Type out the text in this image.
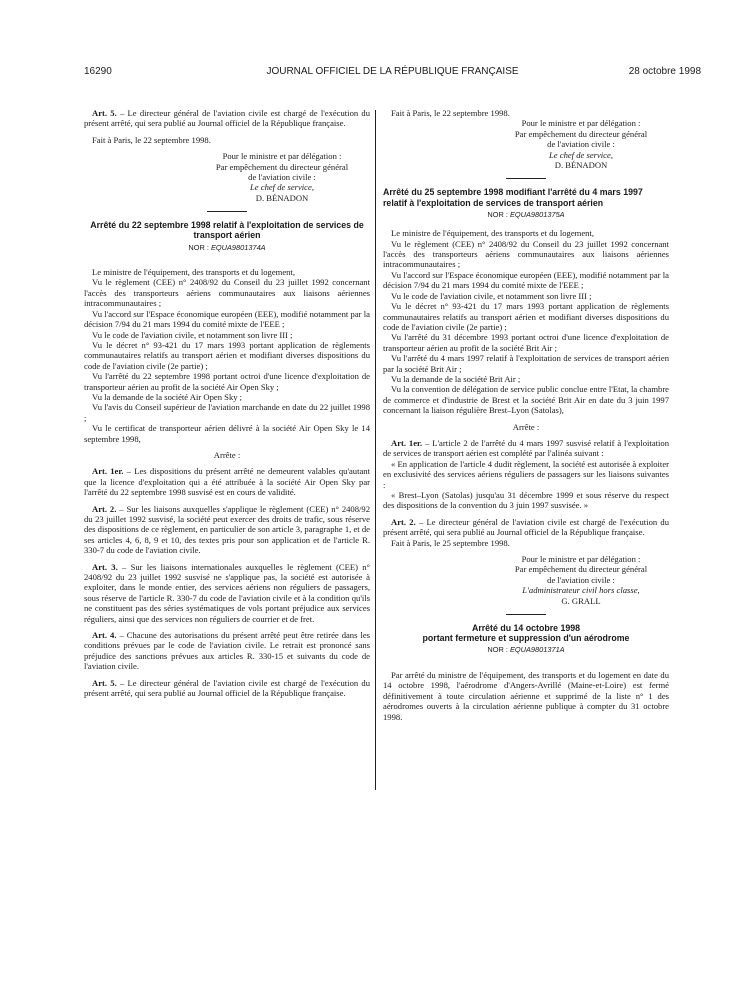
16290	JOURNAL OFFICIEL DE LA RÉPUBLIQUE FRANÇAISE	28 octobre 1998

Art. 5. – Le directeur général de l'aviation civile est chargé de l'exécution du présent arrêté, qui sera publié au Journal officiel de la République française.

Fait à Paris, le 22 septembre 1998.

Pour le ministre et par délégation :
Par empêchement du directeur général
de l'aviation civile :
Le chef de service,
D. BÉNADON

Arrêté du 22 septembre 1998 relatif à l'exploitation de services de transport aérien

NOR : EQUA9801374A

Le ministre de l'équipement, des transports et du logement,

Vu le règlement (CEE) n° 2408/92 du Conseil du 23 juillet 1992 concernant l'accès des transporteurs aériens communautaires aux liaisons aériennes intracommunautaires ;

Vu l'accord sur l'Espace économique européen (EEE), modifié notamment par la décision 7/94 du 21 mars 1994 du comité mixte de l'EEE ;

Vu le code de l'aviation civile, et notamment son livre III ;

Vu le décret n° 93-421 du 17 mars 1993 portant application de règlements communautaires relatifs au transport aérien et modifiant diverses dispositions du code de l'aviation civile (2e partie) ;

Vu l'arrêté du 22 septembre 1998 portant octroi d'une licence d'exploitation de transporteur aérien au profit de la société Air Open Sky ;

Vu la demande de la société Air Open Sky ;

Vu l'avis du Conseil supérieur de l'aviation marchande en date du 22 juillet 1998 ;

Vu le certificat de transporteur aérien délivré à la société Air Open Sky le 14 septembre 1998,

Arrête :

Art. 1er. – Les dispositions du présent arrêté ne demeurent valables qu'autant que la licence d'exploitation qui a été attribuée à la société Air Open Sky par l'arrêté du 22 septembre 1998 susvisé est en cours de validité.

Art. 2. – Sur les liaisons auxquelles s'applique le règlement (CEE) n° 2408/92 du 23 juillet 1992 susvisé, la société peut exercer des droits de trafic, sous réserve des dispositions de ce règlement, en particulier de son article 3, paragraphe 1, et de ses articles 4, 6, 8, 9 et 10, des textes pris pour son application et de l'article R. 330-7 du code de l'aviation civile.

Art. 3. – Sur les liaisons internationales auxquelles le règlement (CEE) n° 2408/92 du 23 juillet 1992 susvisé ne s'applique pas, la société est autorisée à exploiter, dans le monde entier, des services aériens non réguliers de passagers, sous réserve de l'article R. 330-7 du code de l'aviation civile et à la condition qu'ils ne constituent pas des séries systématiques de vols portant préjudice aux services réguliers, ainsi que des services non réguliers de courrier et de fret.

Art. 4. – Chacune des autorisations du présent arrêté peut être retirée dans les conditions prévues par le code de l'aviation civile. Le retrait est prononcé sans préjudice des sanctions prévues aux articles R. 330-15 et suivants du code de l'aviation civile.

Art. 5. – Le directeur général de l'aviation civile est chargé de l'exécution du présent arrêté, qui sera publié au Journal officiel de la République française.

Fait à Paris, le 22 septembre 1998.

Pour le ministre et par délégation :
Par empêchement du directeur général
de l'aviation civile :
Le chef de service,
D. BÉNADON

Arrêté du 25 septembre 1998 modifiant l'arrêté du 4 mars 1997 relatif à l'exploitation de services de transport aérien

NOR : EQUA9801375A

Le ministre de l'équipement, des transports et du logement,

Vu le règlement (CEE) n° 2408/92 du Conseil du 23 juillet 1992 concernant l'accès des transporteurs aériens communautaires aux liaisons aériennes intracommunautaires ;

Vu l'accord sur l'Espace économique européen (EEE), modifié notamment par la décision 7/94 du 21 mars 1994 du comité mixte de l'EEE ;

Vu le code de l'aviation civile, et notamment son livre III ;

Vu le décret n° 93-421 du 17 mars 1993 portant application de règlements communautaires relatifs au transport aérien et modifiant diverses dispositions du code de l'aviation civile (2e partie) ;

Vu l'arrêté du 31 décembre 1993 portant octroi d'une licence d'exploitation de transporteur aérien au profit de la société Brit Air ;

Vu l'arrêté du 4 mars 1997 relatif à l'exploitation de services de transport aérien par la société Brit Air ;

Vu la demande de la société Brit Air ;

Vu la convention de délégation de service public conclue entre l'Etat, la chambre de commerce et d'industrie de Brest et la société Brit Air en date du 3 juin 1997 concernant la liaison régulière Brest–Lyon (Satolas),

Arrête :

Art. 1er. – L'article 2 de l'arrêté du 4 mars 1997 susvisé relatif à l'exploitation de services de transport aérien est complété par l'alinéa suivant :

« En application de l'article 4 dudit règlement, la société est autorisée à exploiter en exclusivité des services aériens réguliers de passagers sur les liaisons suivantes :

« Brest–Lyon (Satolas) jusqu'au 31 décembre 1999 et sous réserve du respect des dispositions de la convention du 3 juin 1997 susvisée. »

Art. 2. – Le directeur général de l'aviation civile est chargé de l'exécution du présent arrêté, qui sera publié au Journal officiel de la République française.

Fait à Paris, le 25 septembre 1998.

Pour le ministre et par délégation :
Par empêchement du directeur général
de l'aviation civile :
L'administrateur civil hors classe,
G. GRALL

Arrêté du 14 octobre 1998

portant fermeture et suppression d'un aérodrome

NOR : EQUA9801371A

Par arrêté du ministre de l'équipement, des transports et du logement en date du 14 octobre 1998, l'aérodrome d'Angers-Avrillé (Maine-et-Loire) est fermé définitivement à toute circulation aérienne et supprimé de la liste n° 1 des aérodromes ouverts à la circulation aérienne publique à compter du 31 octobre 1998.
